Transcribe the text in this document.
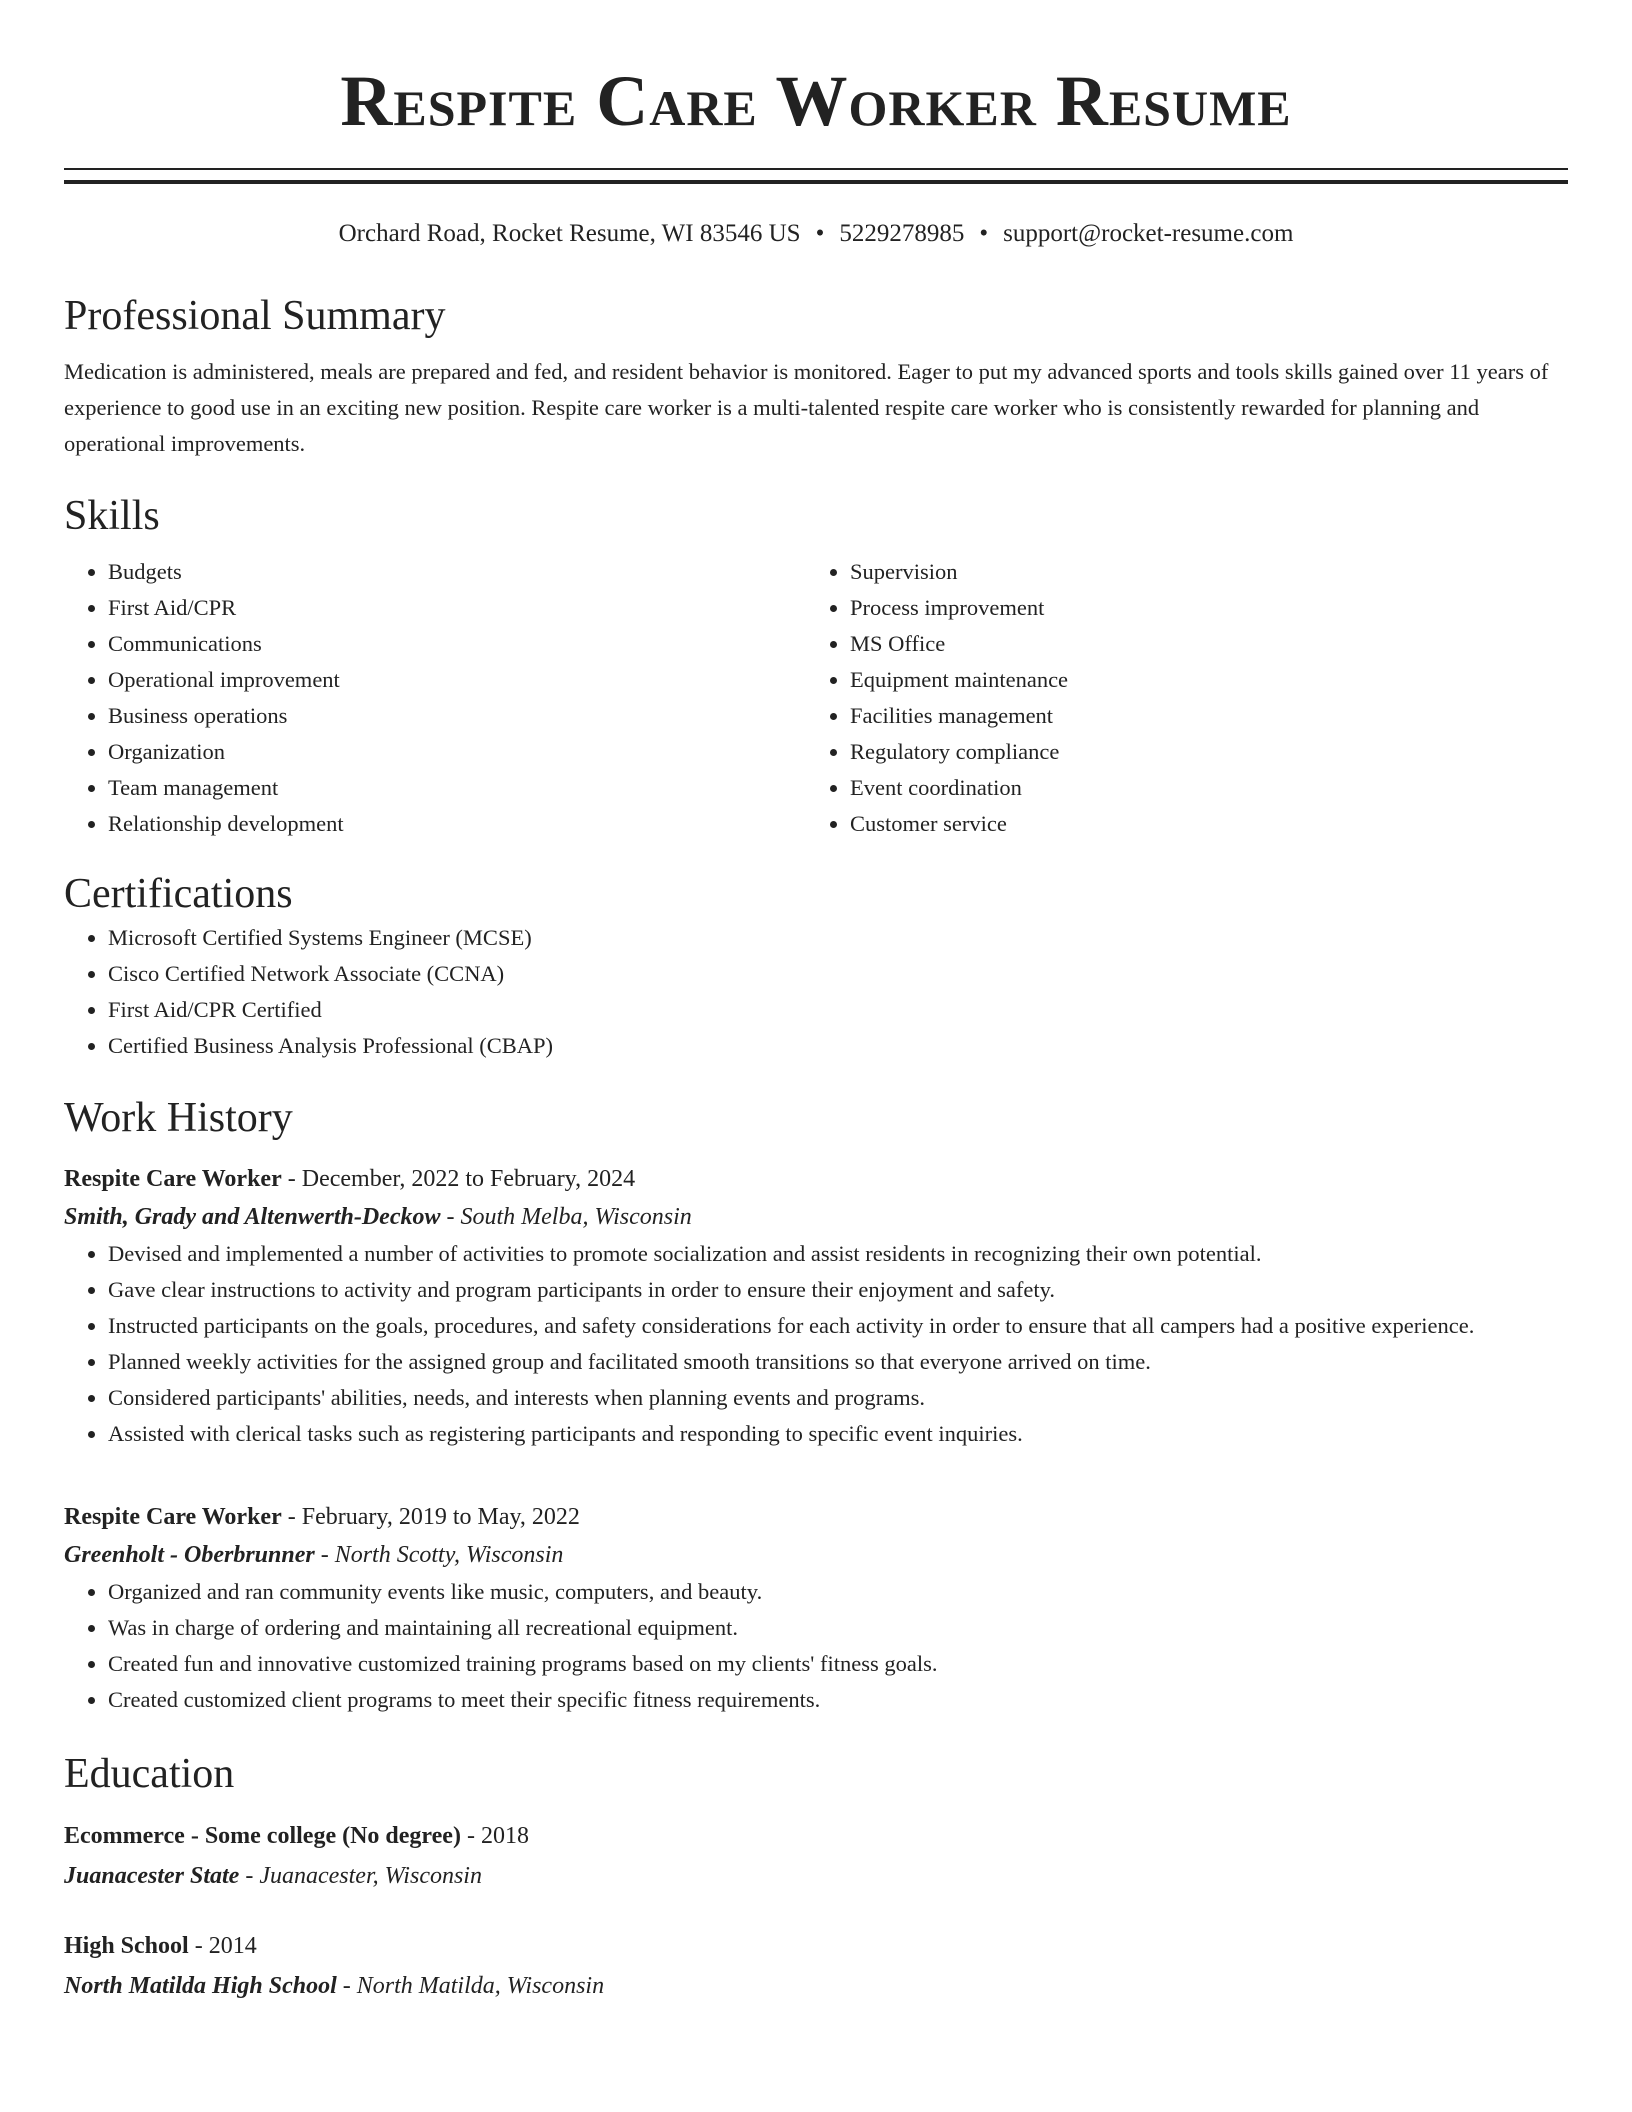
Respite Care Worker Resume
Orchard Road, Rocket Resume, WI 83546 US • 5229278985 • support@rocket-resume.com
Professional Summary

Medication is administered, meals are prepared and fed, and resident behavior is monitored. Eager to put my advanced sports and tools skills gained over 11 years of experience to good use in an exciting new position. Respite care worker is a multi-talented respite care worker who is consistently rewarded for planning and operational improvements.

Skills
• Budgets
• First Aid/CPR
• Communications
• Operational improvement
• Business operations
• Organization
• Team management
• Relationship development
• Supervision
• Process improvement
• MS Office
• Equipment maintenance
• Facilities management
• Regulatory compliance
• Event coordination
• Customer service
Certifications
• Microsoft Certified Systems Engineer (MCSE)
• Cisco Certified Network Associate (CCNA)
• First Aid/CPR Certified
• Certified Business Analysis Professional (CBAP)
Work History
Respite Care Worker - December, 2022 to February, 2024
Smith, Grady and Altenwerth-Deckow - South Melba, Wisconsin
• Devised and implemented a number of activities to promote socialization and assist residents in recognizing their own potential.
• Gave clear instructions to activity and program participants in order to ensure their enjoyment and safety.
• Instructed participants on the goals, procedures, and safety considerations for each activity in order to ensure that all campers had a positive experience.
• Planned weekly activities for the assigned group and facilitated smooth transitions so that everyone arrived on time.
• Considered participants' abilities, needs, and interests when planning events and programs.
• Assisted with clerical tasks such as registering participants and responding to specific event inquiries.
Respite Care Worker - February, 2019 to May, 2022
Greenholt - Oberbrunner - North Scotty, Wisconsin
• Organized and ran community events like music, computers, and beauty.
• Was in charge of ordering and maintaining all recreational equipment.
• Created fun and innovative customized training programs based on my clients' fitness goals.
• Created customized client programs to meet their specific fitness requirements.
Education
Ecommerce - Some college (No degree) - 2018
Juanacester State - Juanacester, Wisconsin
High School - 2014
North Matilda High School - North Matilda, Wisconsin
